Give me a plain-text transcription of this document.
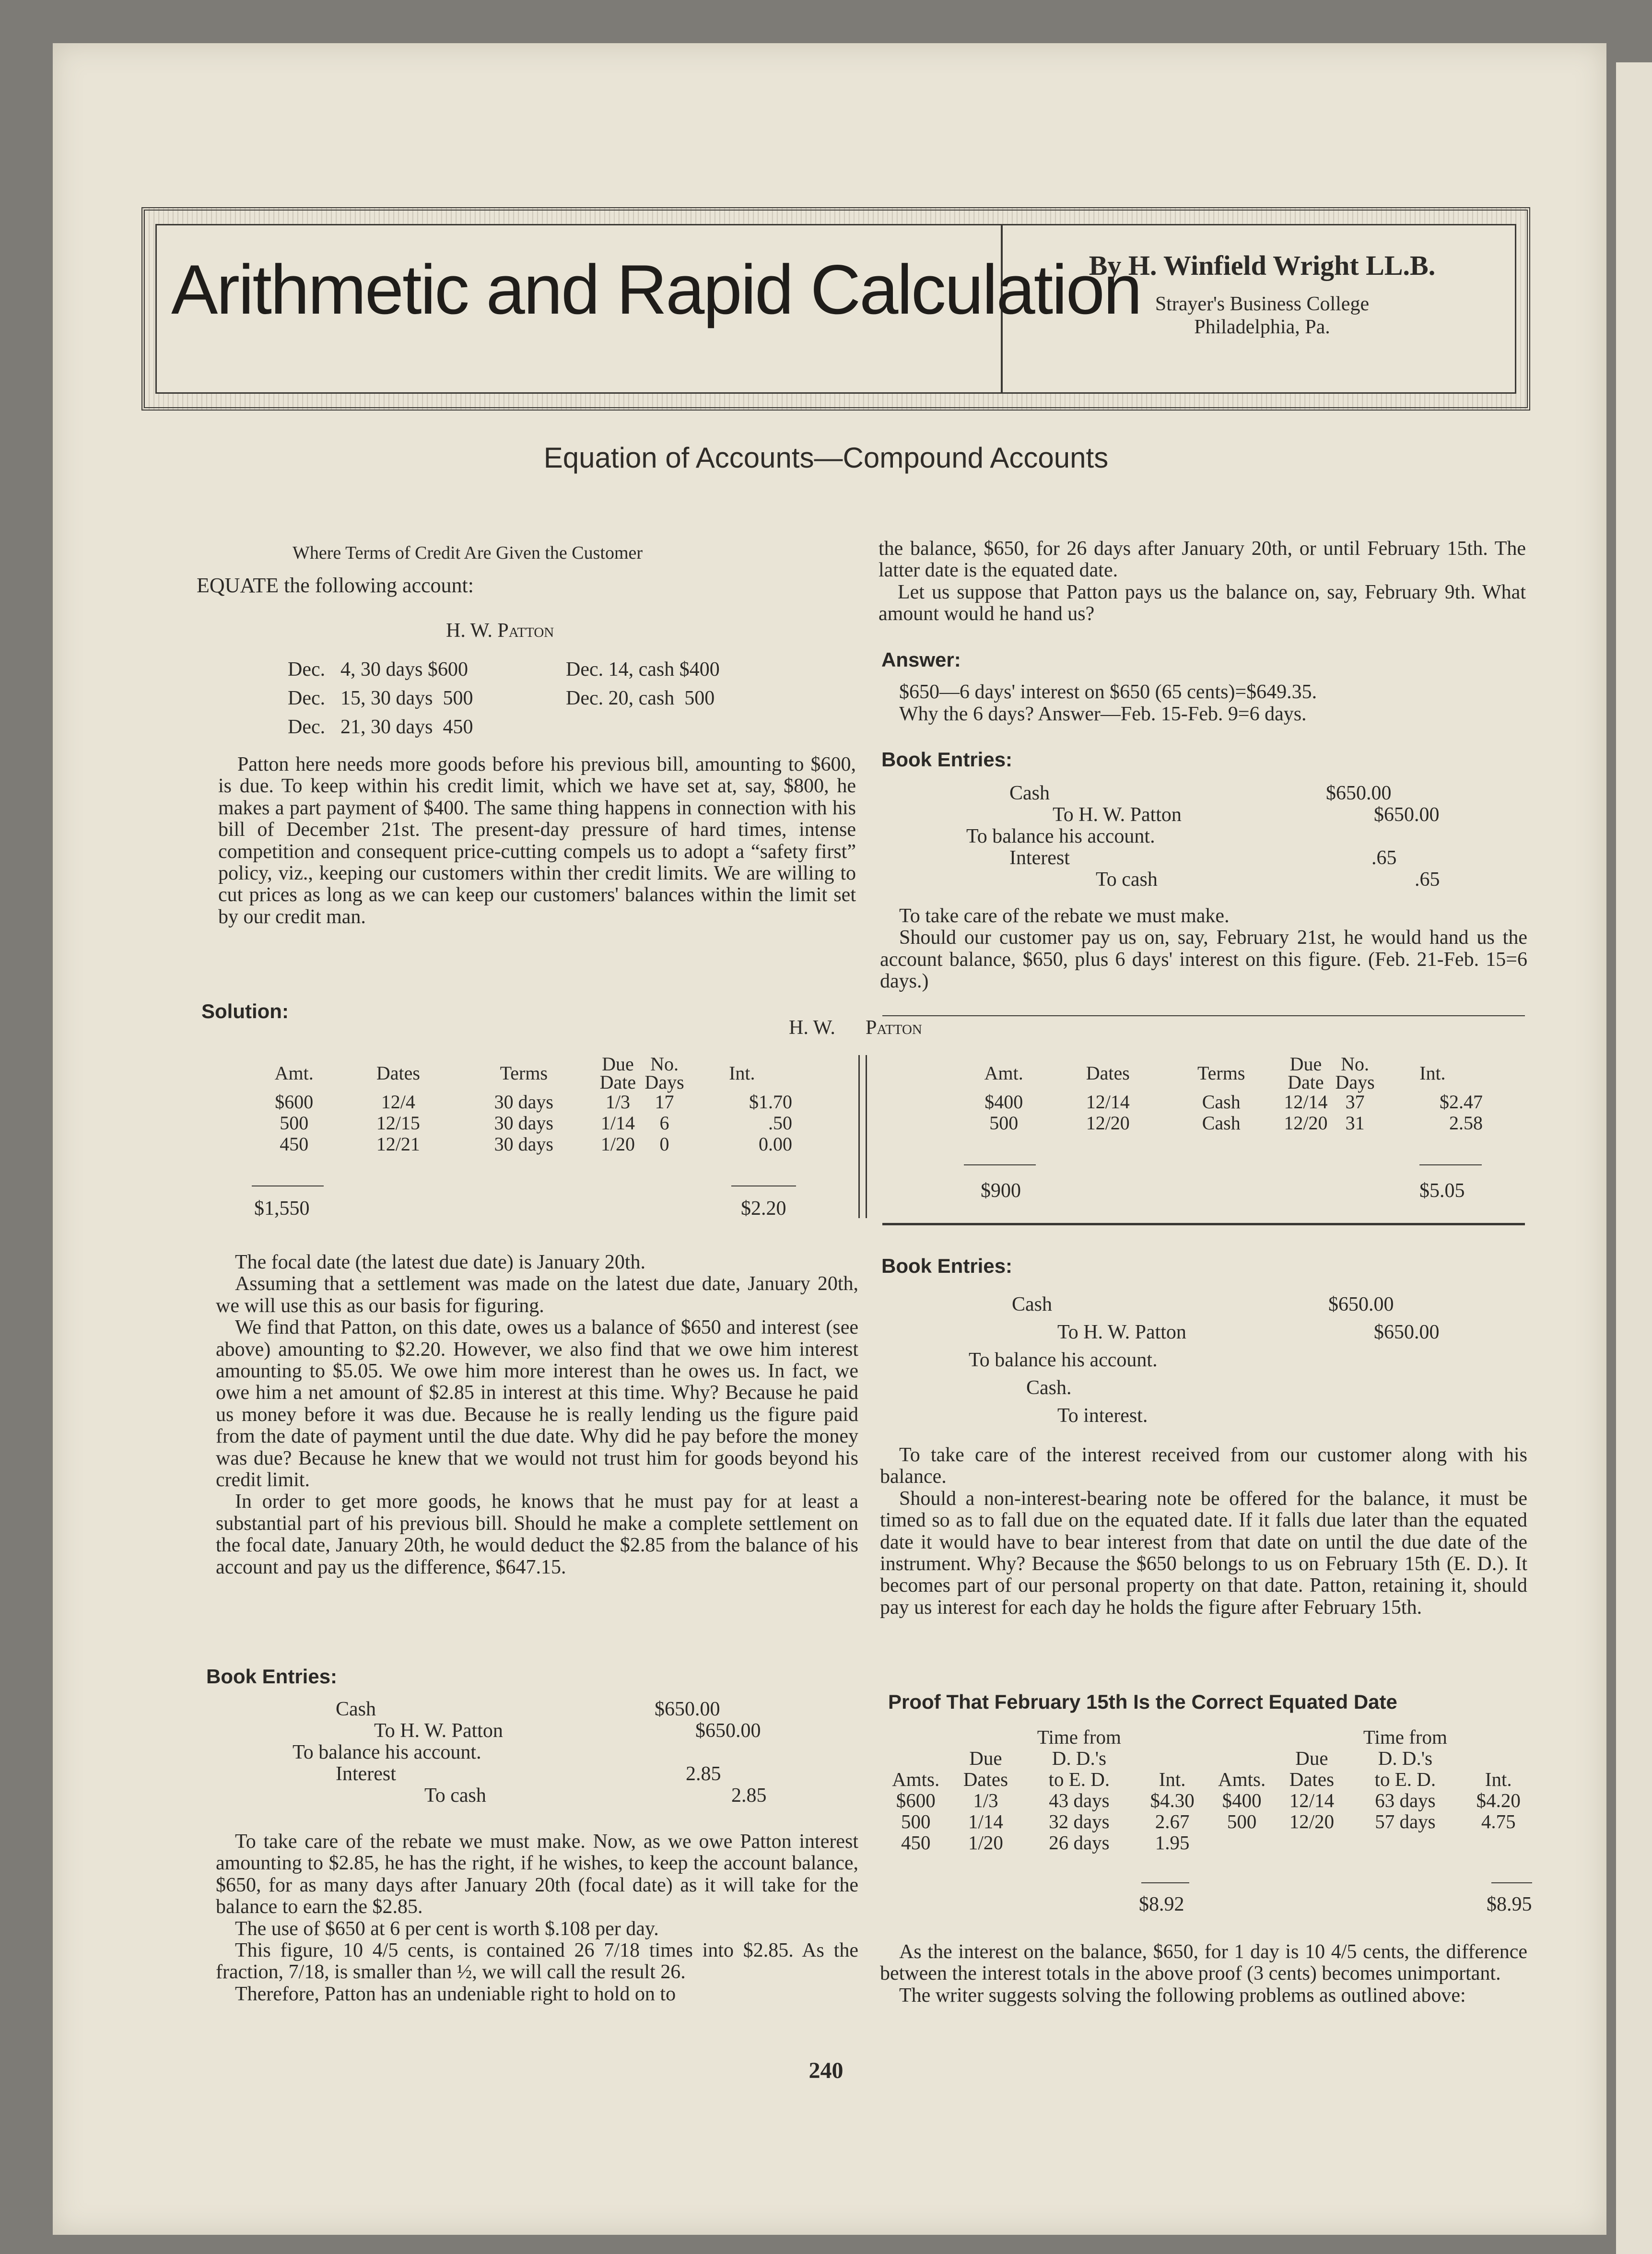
Arithmetic and Rapid Calculation
By H. Winfield Wright LL.B.
Strayer's Business College
Philadelphia, Pa.
Equation of Accounts—Compound Accounts
Where Terms of Credit Are Given the Customer
EQUATE the following account:
H. W. Patton
Dec. 4, 30 days $600	Dec. 14, cash $400
Dec. 15, 30 days  500	Dec. 20, cash  500
Dec. 21, 30 days  450

Patton here needs more goods before his previous bill, amounting to $600, is due. To keep within his credit limit, which we have set at, say, $800, he makes a part payment of $400. The same thing happens in connection with his bill of December 21st. The present-day pressure of hard times, intense competition and consequent price-cutting compels us to adopt a “safety first” policy, viz., keeping our customers within ther credit limits. We are willing to cut prices as long as we can keep our customers' balances within the limit set by our credit man.

Solution:
H. W. Patton
Amt.	Dates	Terms	Due Date	No. Days	Int.
$600	12/4	30 days	1/3	17	$1.70
500	12/15	30 days	1/14	6	.50
450	12/21	30 days	1/20	0	0.00
$1,550	$2.20
Amt.	Dates	Terms	Due Date	No. Days	Int.
$400	12/14	Cash	12/14	37	$2.47
500	12/20	Cash	12/20	31	2.58
$900	$5.05

The focal date (the latest due date) is January 20th.

Assuming that a settlement was made on the latest due date, January 20th, we will use this as our basis for figuring.

We find that Patton, on this date, owes us a balance of $650 and interest (see above) amounting to $2.20. However, we also find that we owe him interest amounting to $5.05. We owe him more interest than he owes us. In fact, we owe him a net amount of $2.85 in interest at this time. Why? Because he paid us money before it was due. Because he is really lending us the figure paid from the date of payment until the due date. Why did he pay before the money was due? Because he knew that we would not trust him for goods beyond his credit limit.

In order to get more goods, he knows that he must pay for at least a substantial part of his previous bill. Should he make a complete settlement on the focal date, January 20th, he would deduct the $2.85 from the balance of his account and pay us the difference, $647.15.

Book Entries:
Cash	$650.00
To H. W. Patton	$650.00
To balance his account.
Interest	2.85
To cash	2.85

To take care of the rebate we must make. Now, as we owe Patton interest amounting to $2.85, he has the right, if he wishes, to keep the account balance, $650, for as many days after January 20th (focal date) as it will take for the balance to earn the $2.85.

The use of $650 at 6 per cent is worth $.108 per day.

This figure, 10 4/5 cents, is contained 26 7/18 times into $2.85. As the fraction, 7/18, is smaller than ½, we will call the result 26.

Therefore, Patton has an undeniable right to hold on to

the balance, $650, for 26 days after January 20th, or until February 15th. The latter date is the equated date.

Let us suppose that Patton pays us the balance on, say, February 9th. What amount would he hand us?

Answer:
$650—6 days' interest on $650 (65 cents)=$649.35.
Why the 6 days? Answer—Feb. 15-Feb. 9=6 days.
Book Entries:
Cash	$650.00
To H. W. Patton	$650.00
To balance his account.
Interest	.65
To cash	.65

To take care of the rebate we must make.

Should our customer pay us on, say, February 21st, he would hand us the account balance, $650, plus 6 days' interest on this figure. (Feb. 21-Feb. 15=6 days.)

Book Entries:
Cash	$650.00
To H. W. Patton	$650.00
To balance his account.
Cash.
To interest.

To take care of the interest received from our customer along with his balance.

Should a non-interest-bearing note be offered for the balance, it must be timed so as to fall due on the equated date. If it falls due later than the equated date it would have to bear interest from that date on until the due date of the instrument. Why? Because the $650 belongs to us on February 15th (E. D.). It becomes part of our personal property on that date. Patton, retaining it, should pay us interest for each day he holds the figure after February 15th.

Proof That February 15th Is the Correct Equated Date
		Time from				Time from	
	Due	D. D.'s			Due	D. D.'s	
Amts.	Dates	to E. D.	Int.	Amts.	Dates	to E. D.	Int.
$600	1/3	43 days	$4.30	$400	12/14	63 days	$4.20
500	1/14	32 days	2.67	500	12/20	57 days	4.75
450	1/20	26 days	1.95				
$8.92	$8.95

As the interest on the balance, $650, for 1 day is 10 4/5 cents, the difference between the interest totals in the above proof (3 cents) becomes unimportant.

The writer suggests solving the following problems as outlined above:

240
